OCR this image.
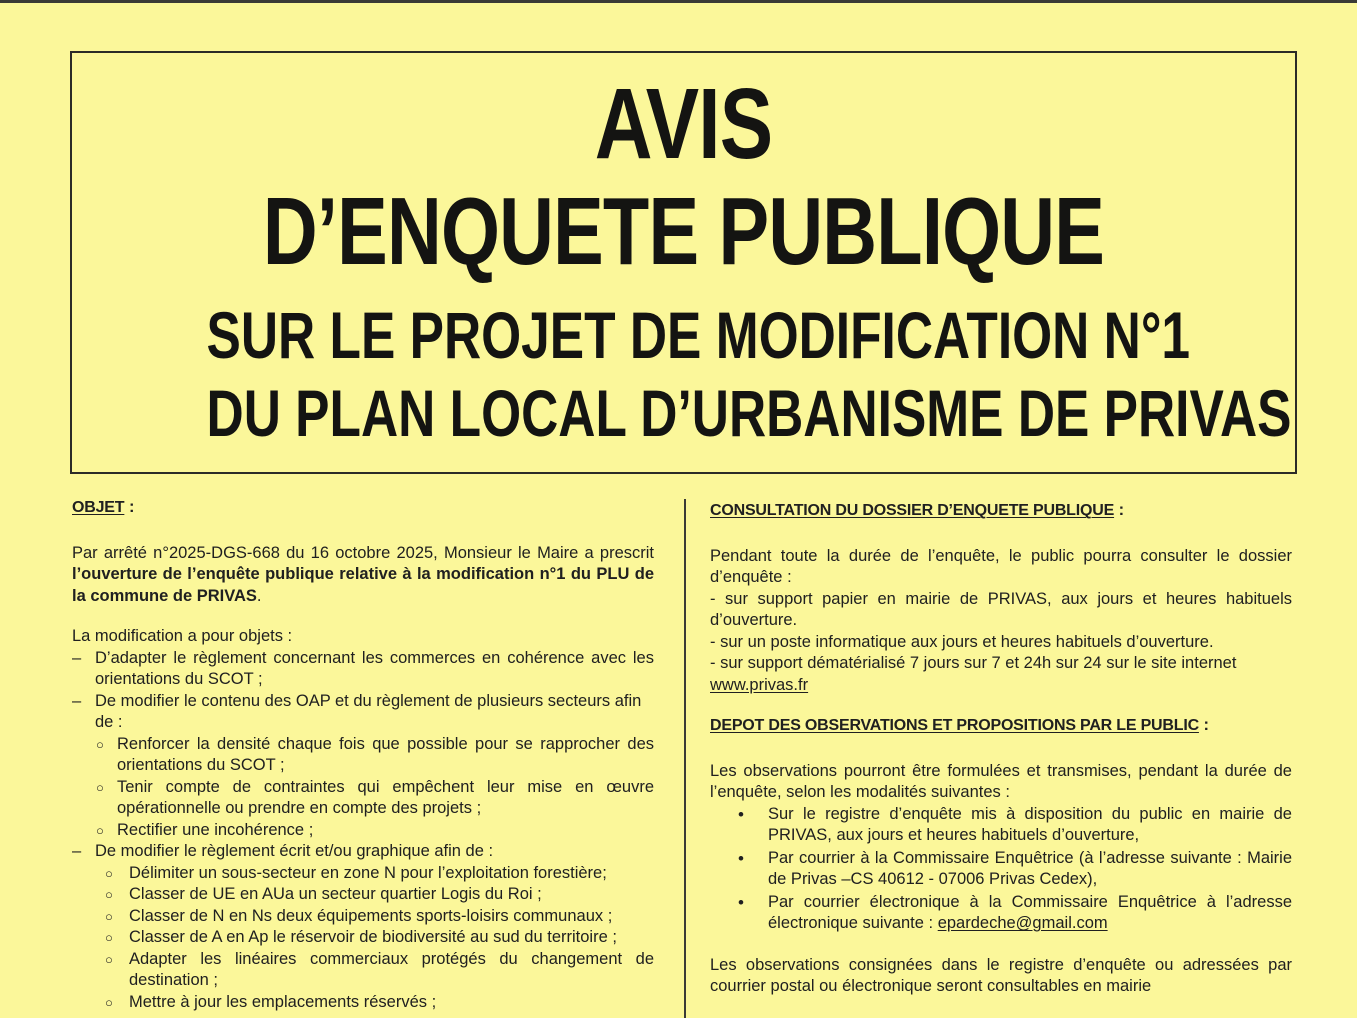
AVIS
D’ENQUETE PUBLIQUE
SUR LE PROJET DE MODIFICATION N°1
DU PLAN LOCAL D’URBANISME DE PRIVAS
OBJET :

Par arrêté n°2025-DGS-668 du 16 octobre 2025, Monsieur le Maire a prescrit l’ouverture de l’enquête publique relative à la modification n°1 du PLU de la commune de PRIVAS.

La modification a pour objets :

– D’adapter le règlement concernant les commerces en cohérence avec les orientations du SCOT ;
– De modifier le contenu des OAP et du règlement de plusieurs secteurs afin de :
○ Renforcer la densité chaque fois que possible pour se rapprocher des orientations du SCOT ;
○ Tenir compte de contraintes qui empêchent leur mise en œuvre opérationnelle ou prendre en compte des projets ;
○ Rectifier une incohérence ;
– De modifier le règlement écrit et/ou graphique afin de :
○ Délimiter un sous-secteur en zone N pour l’exploitation forestière;
○ Classer de UE en AUa un secteur quartier Logis du Roi ;
○ Classer de N en Ns deux équipements sports-loisirs communaux ;
○ Classer de A en Ap le réservoir de biodiversité au sud du territoire ;
○ Adapter les linéaires commerciaux protégés du changement de destination ;
○ Mettre à jour les emplacements réservés ;
CONSULTATION DU DOSSIER D’ENQUETE PUBLIQUE :

Pendant toute la durée de l’enquête, le public pourra consulter le dossier d’enquête :

- sur support papier en mairie de PRIVAS, aux jours et heures habituels d’ouverture.

- sur un poste informatique aux jours et heures habituels d’ouverture.

- sur support dématérialisé 7 jours sur 7 et 24h sur 24 sur le site internet

www.privas.fr

DEPOT DES OBSERVATIONS ET PROPOSITIONS PAR LE PUBLIC :

Les observations pourront être formulées et transmises, pendant la durée de l’enquête, selon les modalités suivantes :

• Sur le registre d’enquête mis à disposition du public en mairie de PRIVAS, aux jours et heures habituels d’ouverture,
• Par courrier à la Commissaire Enquêtrice (à l’adresse suivante : Mairie de Privas –CS 40612 - 07006 Privas Cedex),
• Par courrier électronique à la Commissaire Enquêtrice à l’adresse électronique suivante : epardeche@gmail.com

Les observations consignées dans le registre d’enquête ou adressées par courrier postal ou électronique seront consultables en mairie
